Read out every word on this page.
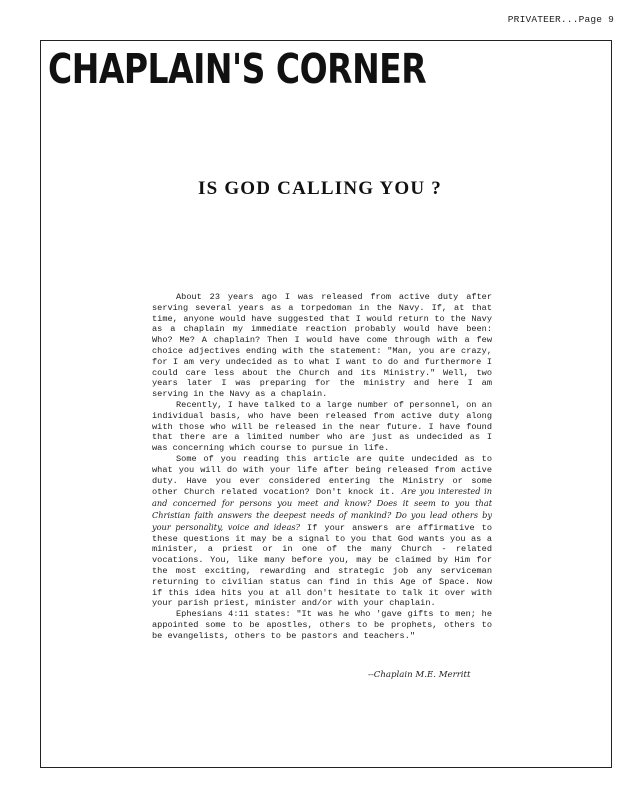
PRIVATEER...Page 9
CHAPLAIN'S CORNER
IS GOD CALLING YOU ?

About 23 years ago I was released from active duty after serving several years as a torpedoman in the Navy. If, at that time, anyone would have suggested that I would return to the Navy as a chaplain my immediate reaction probably would have been: Who? Me? A chaplain? Then I would have come through with a few choice adjectives ending with the statement: "Man, you are crazy, for I am very undecided as to what I want to do and furthermore I could care less about the Church and its Ministry." Well, two years later I was preparing for the ministry and here I am serving in the Navy as a chaplain.

Recently, I have talked to a large number of personnel, on an individual basis, who have been released from active duty along with those who will be released in the near future. I have found that there are a limited number who are just as undecided as I was concerning which course to pursue in life.

Some of you reading this article are quite undecided as to what you will do with your life after being released from active duty. Have you ever considered entering the Ministry or some other Church related vocation? Don't knock it. Are you interested in and concerned for persons you meet and know? Does it seem to you that Christian faith answers the deepest needs of mankind? Do you lead others by your personality, voice and ideas? If your answers are affirmative to these questions it may be a signal to you that God wants you as a minister, a priest or in one of the many Church - related vocations. You, like many before you, may be claimed by Him for the most exciting, rewarding and strategic job any serviceman returning to civilian status can find in this Age of Space. Now if this idea hits you at all don't hesitate to talk it over with your parish priest, minister and/or with your chaplain.

Ephesians 4:11 states: "It was he who 'gave gifts to men; he appointed some to be apostles, others to be prophets, others to be evangelists, others to be pastors and teachers."

--Chaplain M.E. Merritt
